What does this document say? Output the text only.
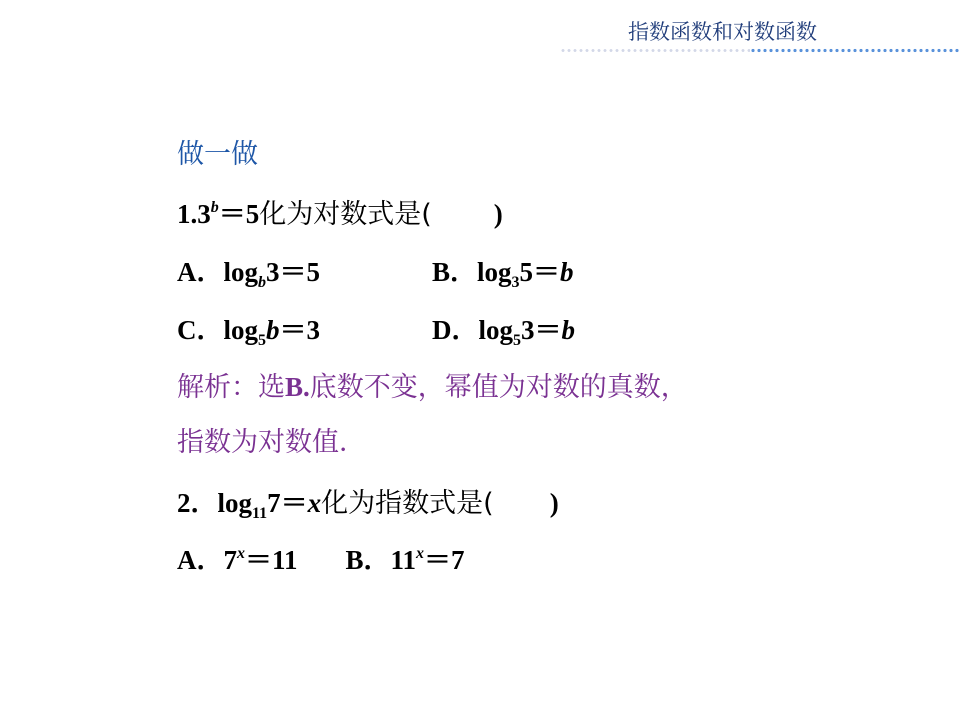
指数函数和对数函数
做一做
1.3$^b$＝5化为对数式是( )
A．$\log_b3=5$	B．$\log_35=b$
C．$\log_5b=3$	D．$\log_53=b$
解析：选B.底数不变，幂值为对数的真数，
指数为对数值．
2．$\log_{11}7=x$化为指数式是( )
A．$7^x=11$ B．$11^x=7$
